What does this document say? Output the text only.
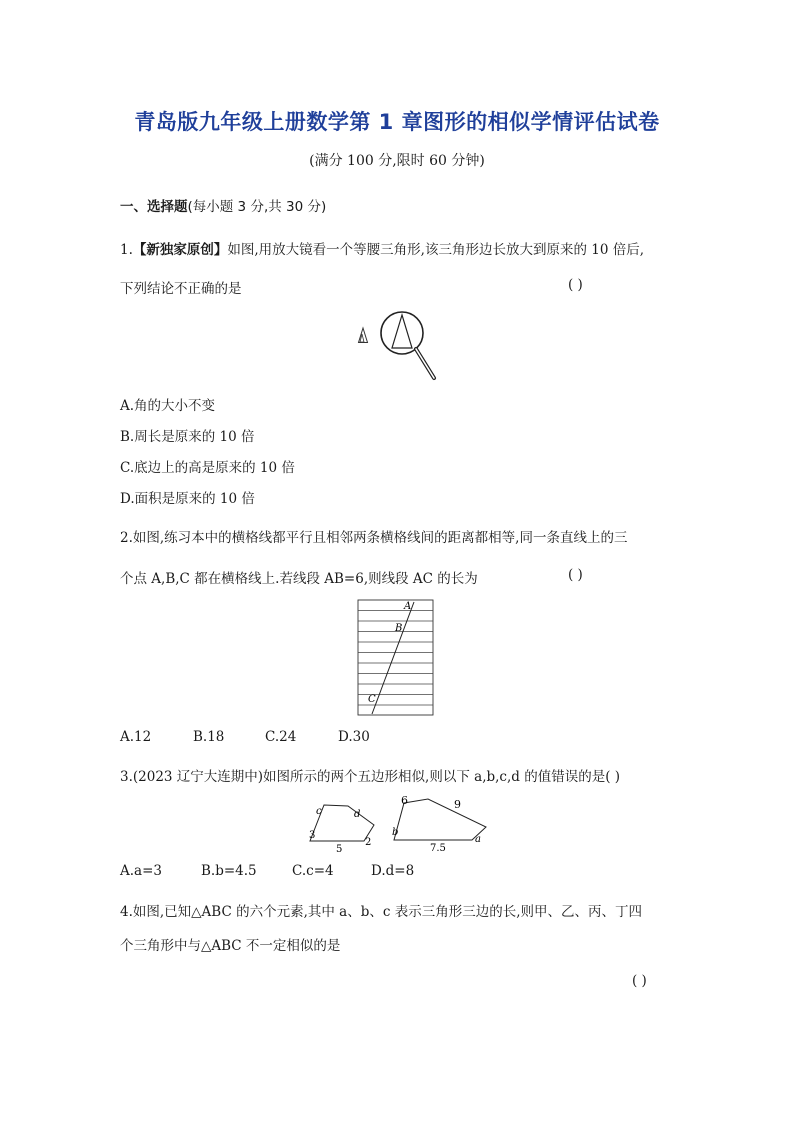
青岛版九年级上册数学第 1 章图形的相似学情评估试卷
(满分 100 分,限时 60 分钟)
一、选择题(每小题 3 分,共 30 分)
1.【新独家原创】如图,用放大镜看一个等腰三角形,该三角形边长放大到原来的 10 倍后,
下列结论不正确的是	( )
A.角的大小不变
B.周长是原来的 10 倍
C.底边上的高是原来的 10 倍
D.面积是原来的 10 倍
2.如图,练习本中的横格线都平行且相邻两条横格线间的距离都相等,同一条直线上的三
个点 A,B,C 都在横格线上.若线段 AB=6,则线段 AC 的长为	( )
A
B
C
A.12	B.18	C.24	D.30
3.(2023 辽宁大连期中)如图所示的两个五边形相似,则以下 a,b,c,d 的值错误的是( )
c	d
3
5
2
6	9
b
a
7.5
A.a=3	B.b=4.5	C.c=4	D.d=8
4.如图,已知△ABC 的六个元素,其中 a、b、c 表示三角形三边的长,则甲、乙、丙、丁四
个三角形中与△ABC 不一定相似的是
( )
